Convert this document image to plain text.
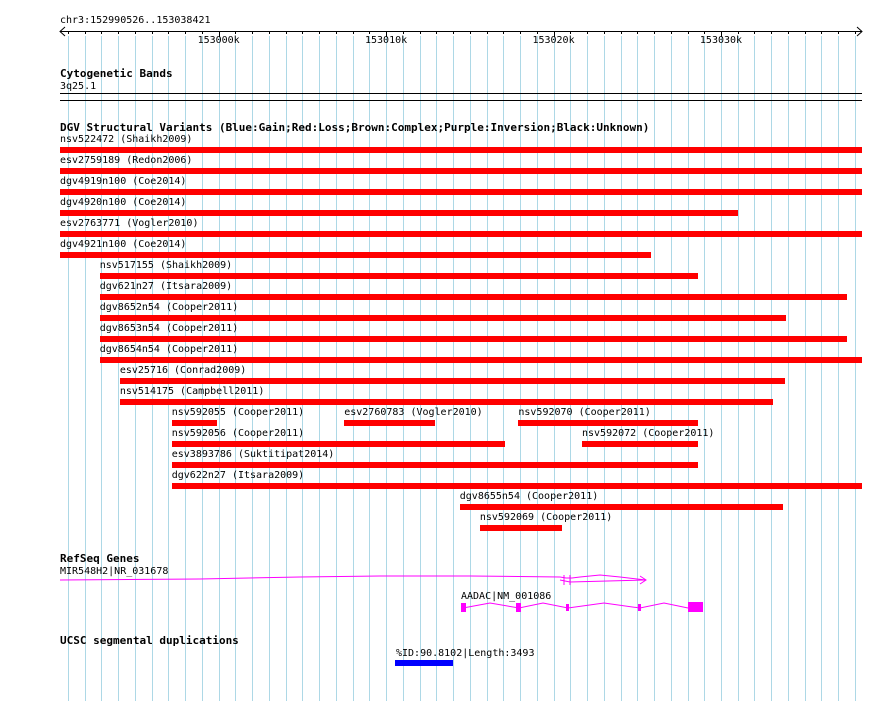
chr3:152990526..153038421
153000k	153010k	153020k	153030k
Cytogenetic Bands
3q25.1
DGV Structural Variants (Blue:Gain;Red:Loss;Brown:Complex;Purple:Inversion;Black:Unknown)
nsv522472 (Shaikh2009)
esv2759189 (Redon2006)
dgv4919n100 (Coe2014)
dgv4920n100 (Coe2014)
esv2763771 (Vogler2010)
dgv4921n100 (Coe2014)
nsv517155 (Shaikh2009)
dgv621n27 (Itsara2009)
dgv8652n54 (Cooper2011)
dgv8653n54 (Cooper2011)
dgv8654n54 (Cooper2011)
esv25716 (Conrad2009)
nsv514175 (Campbell2011)
nsv592055 (Cooper2011)	esv2760783 (Vogler2010)	nsv592070 (Cooper2011)
nsv592056 (Cooper2011)	nsv592072 (Cooper2011)
esv3893786 (Suktitipat2014)
dgv622n27 (Itsara2009)
dgv8655n54 (Cooper2011)
nsv592069 (Cooper2011)
RefSeq Genes
MIR548H2|NR_031678
AADAC|NM_001086
UCSC segmental duplications
%ID:90.8102|Length:3493
